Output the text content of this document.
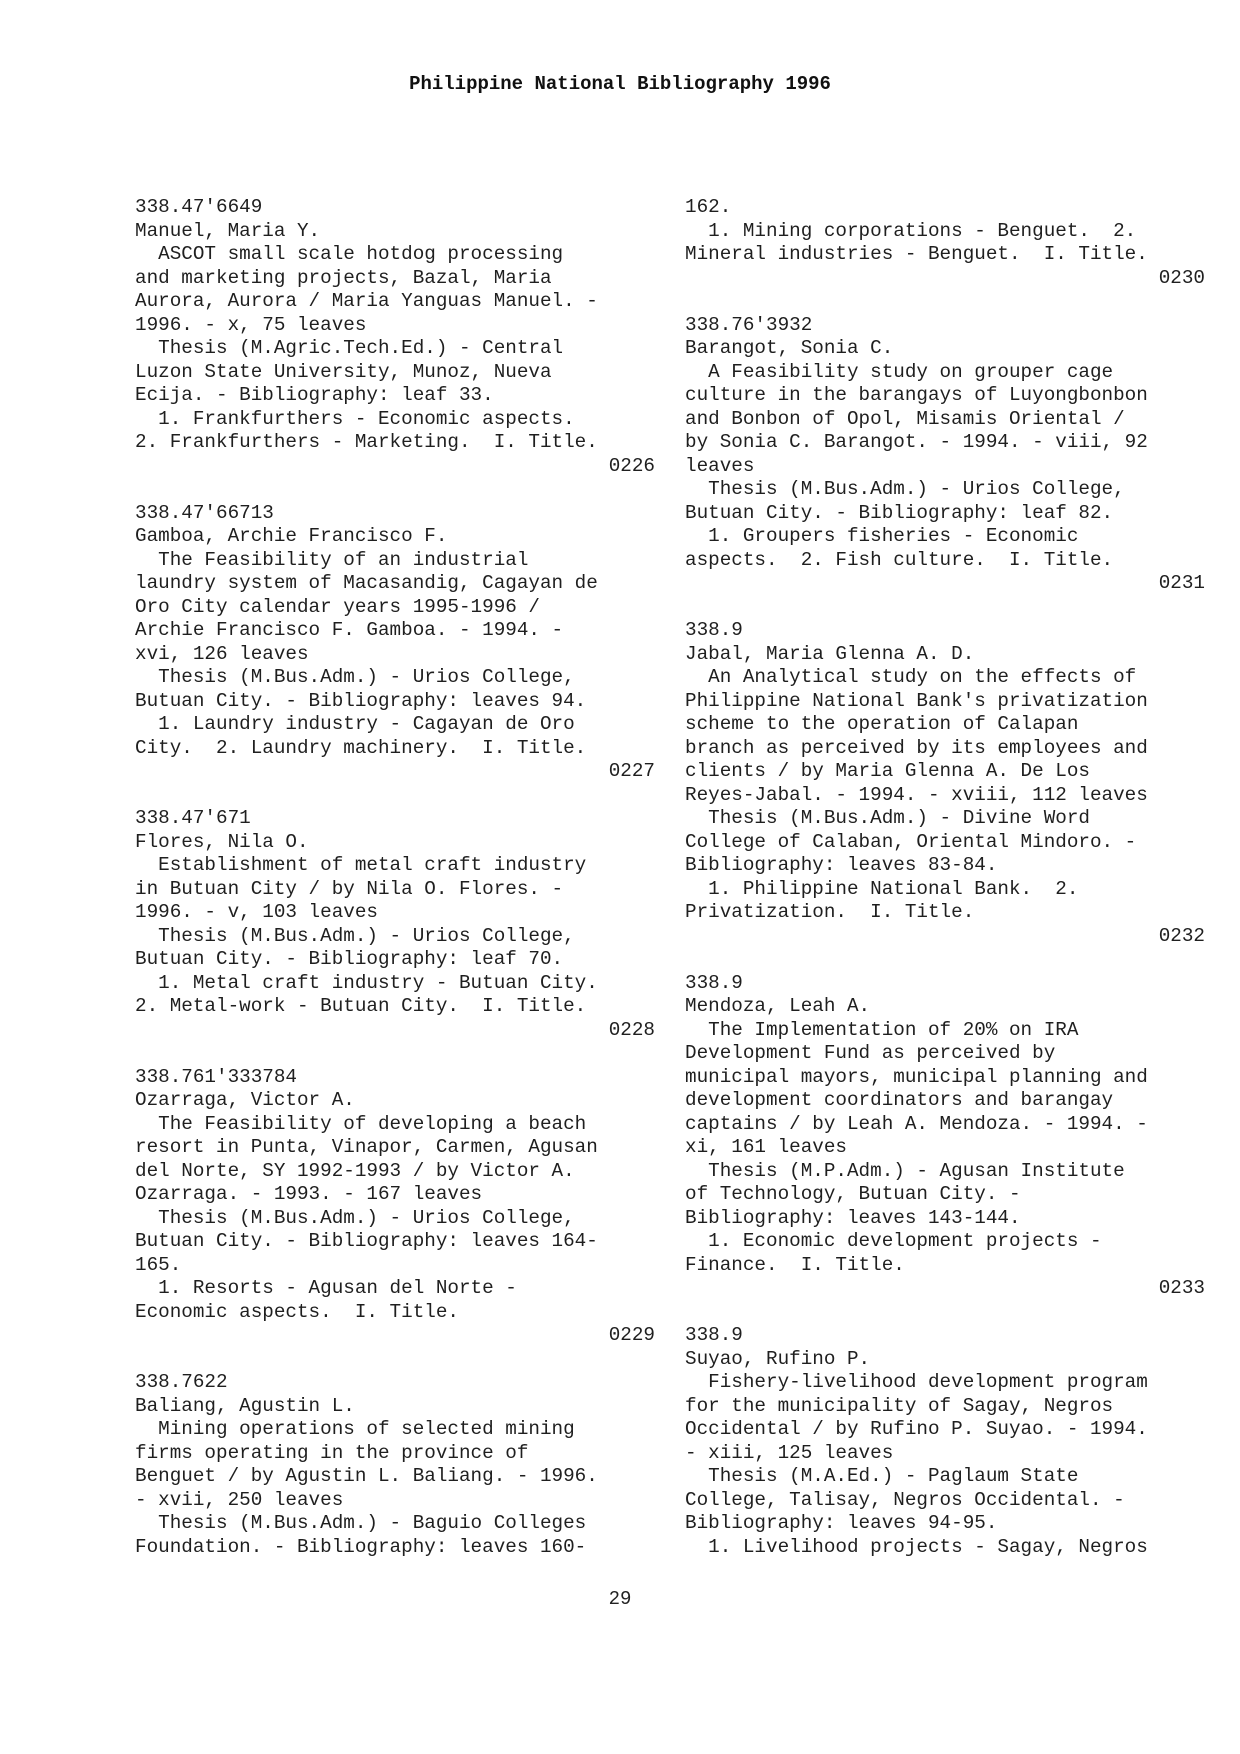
Philippine National Bibliography 1996
338.47'6649
Manuel, Maria Y.
ASCOT small scale hotdog processing
and marketing projects, Bazal, Maria
Aurora, Aurora / Maria Yanguas Manuel. -
1996. - x, 75 leaves
Thesis (M.Agric.Tech.Ed.) - Central
Luzon State University, Munoz, Nueva
Ecija. - Bibliography: leaf 33.
1. Frankfurthers - Economic aspects.
2. Frankfurthers - Marketing.  I. Title.
0226
338.47'66713
Gamboa, Archie Francisco F.
The Feasibility of an industrial
laundry system of Macasandig, Cagayan de
Oro City calendar years 1995-1996 /
Archie Francisco F. Gamboa. - 1994. -
xvi, 126 leaves
Thesis (M.Bus.Adm.) - Urios College,
Butuan City. - Bibliography: leaves 94.
1. Laundry industry - Cagayan de Oro
City.  2. Laundry machinery.  I. Title.
0227
338.47'671
Flores, Nila O.
Establishment of metal craft industry
in Butuan City / by Nila O. Flores. -
1996. - v, 103 leaves
Thesis (M.Bus.Adm.) - Urios College,
Butuan City. - Bibliography: leaf 70.
1. Metal craft industry - Butuan City.
2. Metal-work - Butuan City.  I. Title.
0228
338.761'333784
Ozarraga, Victor A.
The Feasibility of developing a beach
resort in Punta, Vinapor, Carmen, Agusan
del Norte, SY 1992-1993 / by Victor A.
Ozarraga. - 1993. - 167 leaves
Thesis (M.Bus.Adm.) - Urios College,
Butuan City. - Bibliography: leaves 164-
165.
1. Resorts - Agusan del Norte -
Economic aspects.  I. Title.
0229
338.7622
Baliang, Agustin L.
Mining operations of selected mining
firms operating in the province of
Benguet / by Agustin L. Baliang. - 1996.
- xvii, 250 leaves
Thesis (M.Bus.Adm.) - Baguio Colleges
Foundation. - Bibliography: leaves 160-
162.
1. Mining corporations - Benguet.  2.
Mineral industries - Benguet.  I. Title.
0230
338.76'3932
Barangot, Sonia C.
A Feasibility study on grouper cage
culture in the barangays of Luyongbonbon
and Bonbon of Opol, Misamis Oriental /
by Sonia C. Barangot. - 1994. - viii, 92
leaves
Thesis (M.Bus.Adm.) - Urios College,
Butuan City. - Bibliography: leaf 82.
1. Groupers fisheries - Economic
aspects.  2. Fish culture.  I. Title.
0231
338.9
Jabal, Maria Glenna A. D.
An Analytical study on the effects of
Philippine National Bank's privatization
scheme to the operation of Calapan
branch as perceived by its employees and
clients / by Maria Glenna A. De Los
Reyes-Jabal. - 1994. - xviii, 112 leaves
Thesis (M.Bus.Adm.) - Divine Word
College of Calaban, Oriental Mindoro. -
Bibliography: leaves 83-84.
1. Philippine National Bank.  2.
Privatization.  I. Title.
0232
338.9
Mendoza, Leah A.
The Implementation of 20% on IRA
Development Fund as perceived by
municipal mayors, municipal planning and
development coordinators and barangay
captains / by Leah A. Mendoza. - 1994. -
xi, 161 leaves
Thesis (M.P.Adm.) - Agusan Institute
of Technology, Butuan City. -
Bibliography: leaves 143-144.
1. Economic development projects -
Finance.  I. Title.
0233
338.9
Suyao, Rufino P.
Fishery-livelihood development program
for the municipality of Sagay, Negros
Occidental / by Rufino P. Suyao. - 1994.
- xiii, 125 leaves
Thesis (M.A.Ed.) - Paglaum State
College, Talisay, Negros Occidental. -
Bibliography: leaves 94-95.
1. Livelihood projects - Sagay, Negros
29
